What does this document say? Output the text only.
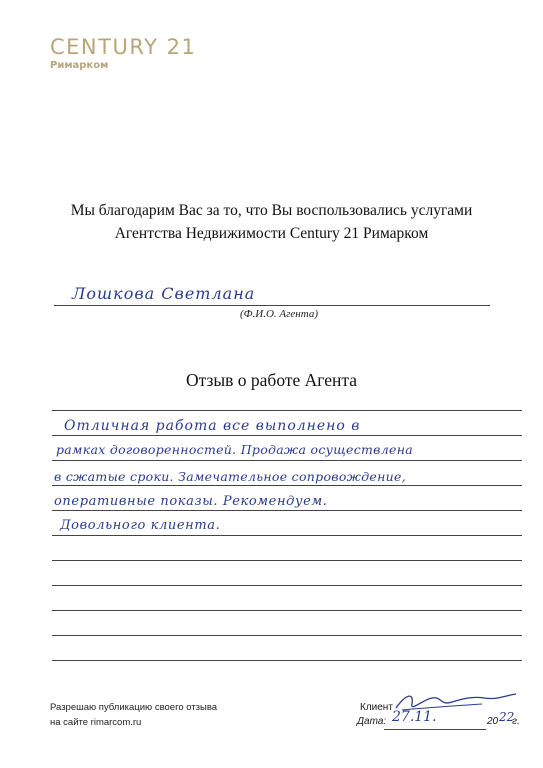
CENTURY 21
Римарком
Мы благодарим Вас за то, что Вы воспользовались услугами
Агентства Недвижимости Century 21 Римарком
Лошкова Светлана
(Ф.И.О. Агента)
Отзыв о работе Агента
Отличная работа все выполнено в
рамках договоренностей. Продажа осуществлена
в сжатые сроки. Замечательное сопровождение,
оперативные показы. Рекомендуем.
Довольного клиента.
Разрешаю публикацию своего отзыва
на сайте rimarcom.ru
Клиент
Дата: 27.11.	20 г.
22
